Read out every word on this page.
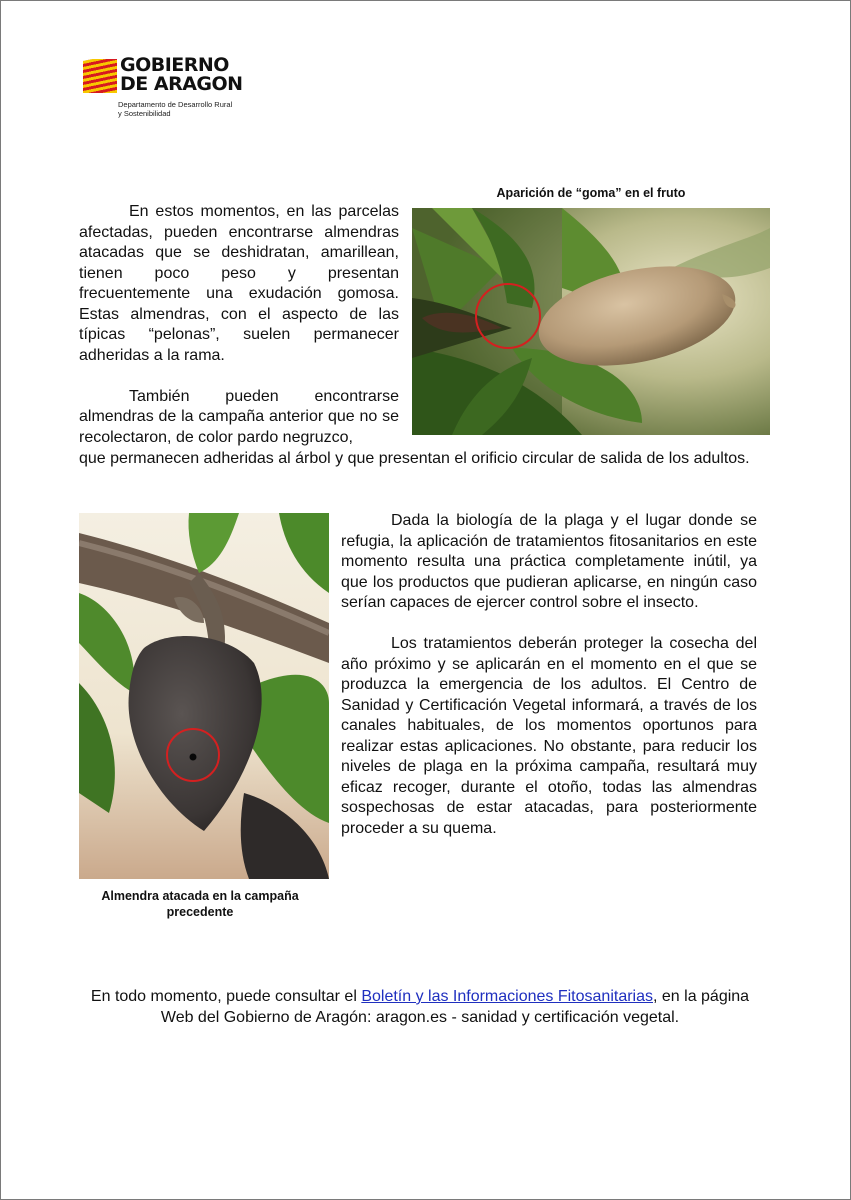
GOBIERNO
DE ARAGON
Departamento de Desarrollo Rural
y Sostenibilidad
Aparición de “goma” en el fruto

En estos momentos, en las parcelas afectadas, pueden encontrarse almendras atacadas que se deshidratan, amarillean, tienen poco peso y presentan frecuentemente una exudación gomosa. Estas almendras, con el aspecto de las típicas “pelonas”, suelen permanecer adheridas a la rama.

También pueden encontrarse almendras de la campaña anterior que no se recolectaron, de color pardo negruzco,

que permanecen adheridas al árbol y que presentan el orificio circular de salida de los adultos.

Almendra atacada en la campaña precedente

Dada la biología de la plaga y el lugar donde se refugia, la aplicación de tratamientos fitosanitarios en este momento resulta una práctica completamente inútil, ya que los productos que pudieran aplicarse, en ningún caso serían capaces de ejercer control sobre el insecto.

Los tratamientos deberán proteger la cosecha del año próximo y se aplicarán en el momento en el que se produzca la emergencia de los adultos. El Centro de Sanidad y Certificación Vegetal informará, a través de los canales habituales, de los momentos oportunos para realizar estas aplicaciones. No obstante, para reducir los niveles de plaga en la próxima campaña, resultará muy eficaz recoger, durante el otoño, todas las almendras sospechosas de estar atacadas, para posteriormente proceder a su quema.

En todo momento, puede consultar el Boletín y las Informaciones Fitosanitarias, en la página Web del Gobierno de Aragón: aragon.es - sanidad y certificación vegetal.
